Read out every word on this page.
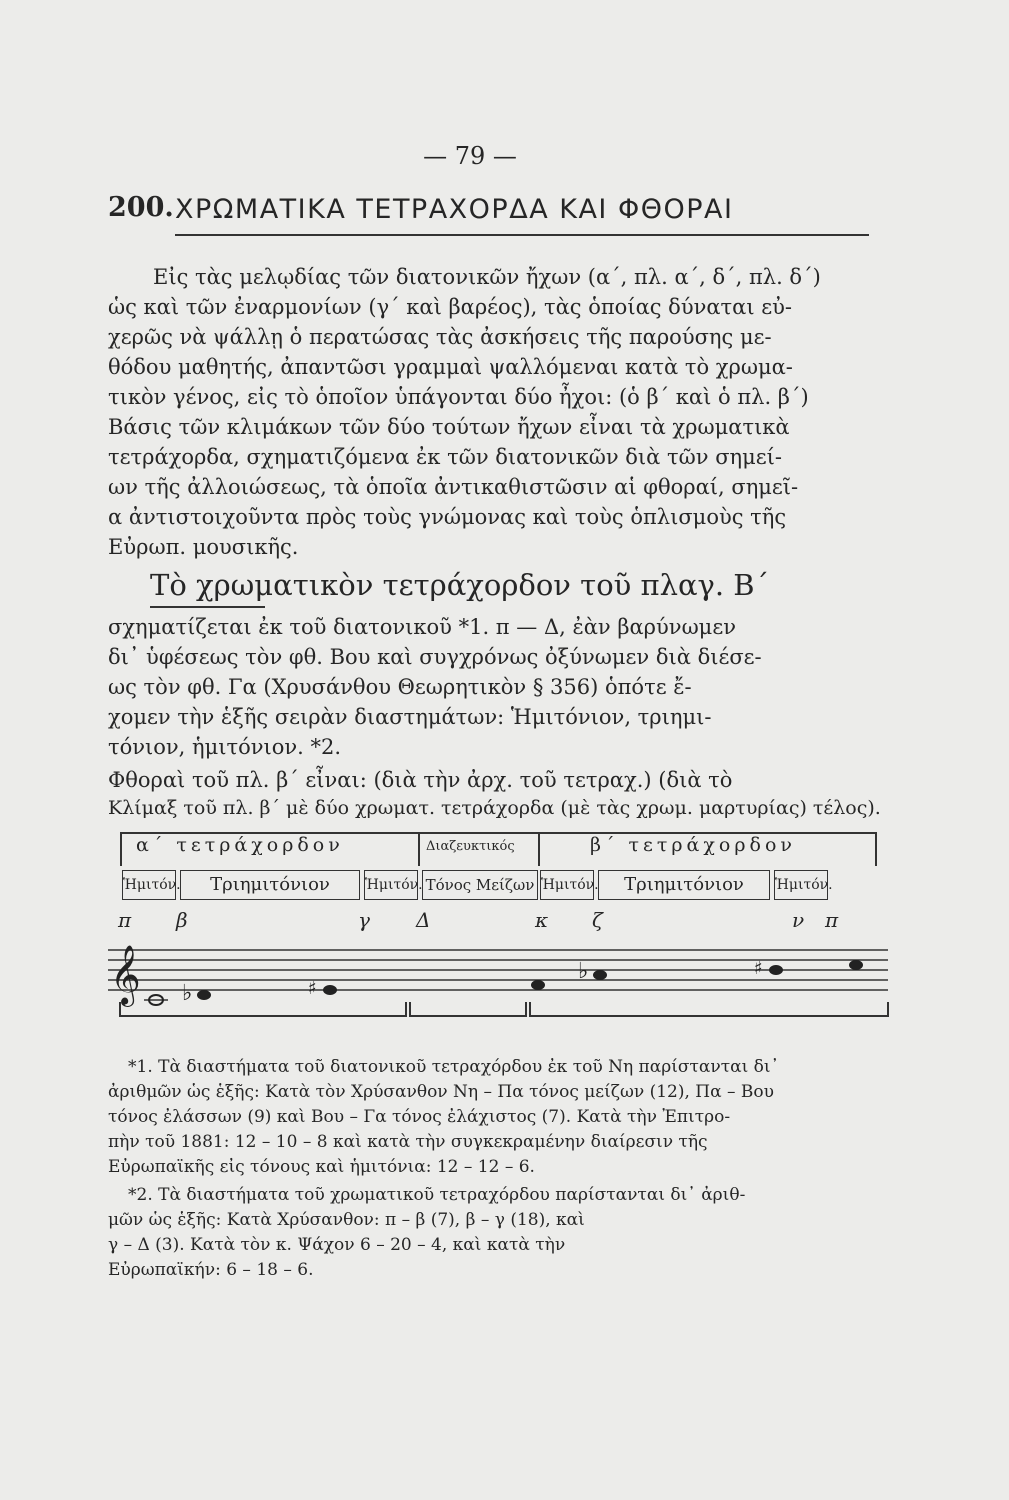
— 79 —
200. ΧΡΩΜΑΤΙΚΑ ΤΕΤΡΑΧΟΡΔΑ ΚΑΙ ΦΘΟΡΑΙ

Εἰς τὰς μελῳδίας τῶν διατονικῶν ἤχων (α΄, πλ. α΄, δ΄, πλ. δ΄)
ὡς καὶ τῶν ἐναρμονίων (γ΄ καὶ βαρέος), τὰς ὁποίας δύναται εὐ-
χερῶς νὰ ψάλλῃ ὁ περατώσας τὰς ἀσκήσεις τῆς παρούσης με-
θόδου μαθητής, ἀπαντῶσι γραμμαὶ ψαλλόμεναι κατὰ τὸ χρωμα-
τικὸν γένος, εἰς τὸ ὁποῖον ὑπάγονται δύο ἦχοι: (ὁ β΄ καὶ ὁ πλ. β΄)
Βάσις τῶν κλιμάκων τῶν δύο τούτων ἤχων εἶναι τὰ χρωματικὰ
τετράχορδα, σχηματιζόμενα ἐκ τῶν διατονικῶν διὰ τῶν σημεί-
ων τῆς ἀλλοιώσεως, τὰ ὁποῖα ἀντικαθιστῶσιν αἱ φθοραί, σημεῖ-
α ἀντιστοιχοῦντα πρὸς τοὺς γνώμονας καὶ τοὺς ὁπλισμοὺς τῆς
Εὐρωπ. μουσικῆς.

Τὸ χρωματικὸν τετράχορδον τοῦ πλαγ. Β΄

σχηματίζεται ἐκ τοῦ διατονικοῦ *1. π — Δ, ἐὰν βαρύνωμεν
δι᾿ ὑφέσεως τὸν φθ. Βου καὶ συγχρόνως ὀξύνωμεν διὰ διέσε-
ως τὸν φθ. Γα (Χρυσάνθου Θεωρητικὸν § 356) ὁπότε ἔ-
χομεν τὴν ἑξῆς σειρὰν διαστημάτων: Ἡμιτόνιον, τριημι-
τόνιον, ἡμιτόνιον. *2.

Φθοραὶ τοῦ πλ. β΄ εἶναι: (διὰ τὴν ἀρχ. τοῦ τετραχ.) (διὰ τὸ
Κλίμαξ τοῦ πλ. β΄ μὲ δύο χρωματ. τετράχορδα (μὲ τὰς χρωμ. μαρτυρίας) τέλος).
α΄ τετράχορδον	Διαζευκτικός	β΄ τετράχορδον
Ἡμιτόν.	Τριημιτόνιον	Ἡμιτόν. Τόνος Μείζων Ἡμιτόν.	Τριημιτόνιον	Ἡμιτόν.
π β	γ Δ	κ ζ	ν π
𝄞 ♭	♯
♭	♯
*1. Τὰ διαστήματα τοῦ διατονικοῦ τετραχόρδου ἐκ τοῦ Νη παρίστανται δι᾿
ἀριθμῶν ὡς ἑξῆς: Κατὰ τὸν Χρύσανθον Νη – Πα τόνος μείζων (12), Πα – Βου
τόνος ἐλάσσων (9) καὶ Βου – Γα τόνος ἐλάχιστος (7). Κατὰ τὴν Ἐπιτρο-
πὴν τοῦ 1881: 12 – 10 – 8 καὶ κατὰ τὴν συγκεκραμένην διαίρεσιν τῆς
Εὐρωπαϊκῆς εἰς τόνους καὶ ἡμιτόνια: 12 – 12 – 6.
*2. Τὰ διαστήματα τοῦ χρωματικοῦ τετραχόρδου παρίστανται δι᾿ ἀριθ-
μῶν ὡς ἑξῆς: Κατὰ Χρύσανθον: π – β (7), β – γ (18), καὶ
γ – Δ (3). Κατὰ τὸν κ. Ψάχον 6 – 20 – 4, καὶ κατὰ τὴν
Εὐρωπαϊκήν: 6 – 18 – 6.
